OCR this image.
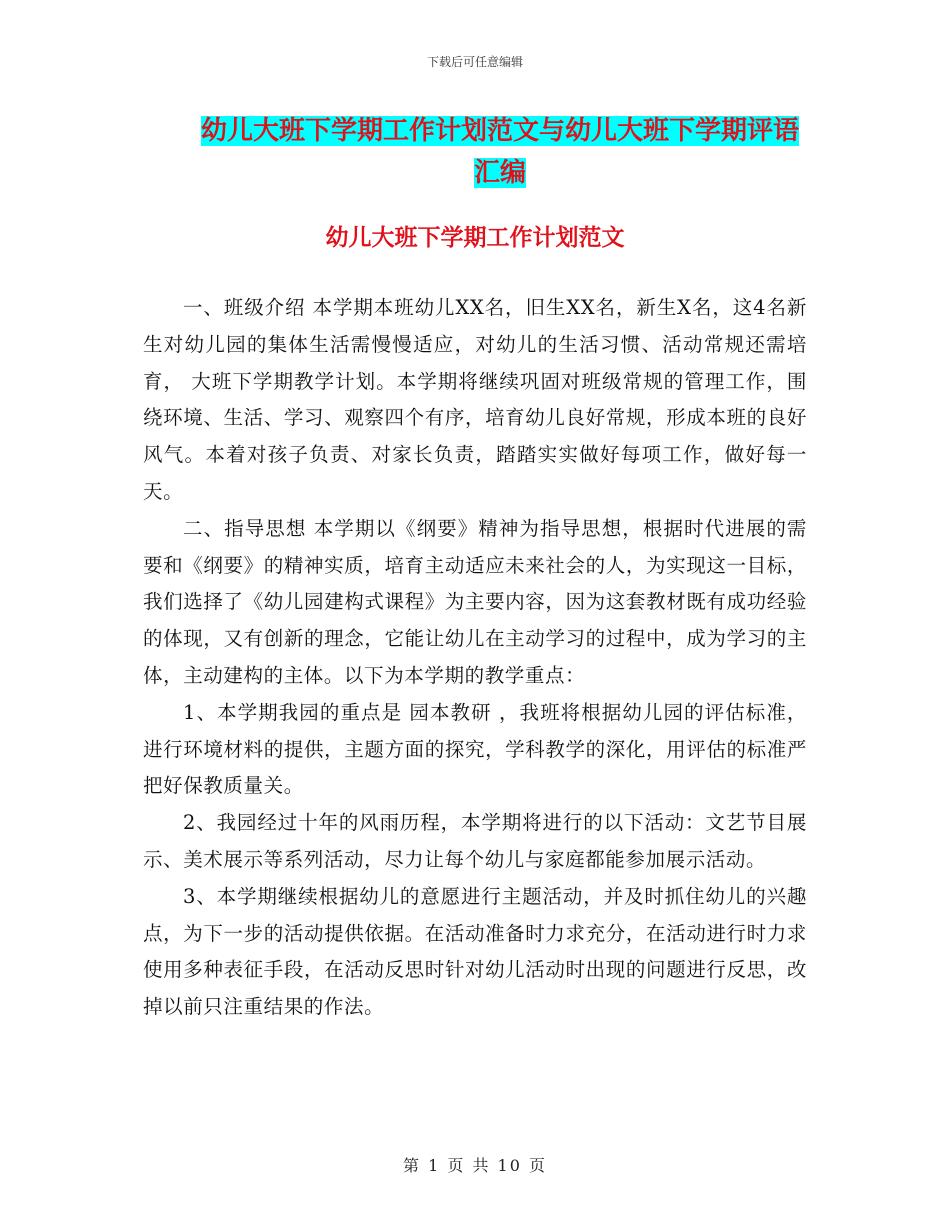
下载后可任意编辑
幼儿大班下学期工作计划范文与幼儿大班下学期评语汇编
幼儿大班下学期工作计划范文

一、班级介绍 本学期本班幼儿XX名，旧生XX名，新生X名，这4名新生对幼儿园的集体生活需慢慢适应，对幼儿的生活习惯、活动常规还需培育， 大班下学期教学计划。本学期将继续巩固对班级常规的管理工作，围绕环境、生活、学习、观察四个有序，培育幼儿良好常规，形成本班的良好风气。本着对孩子负责、对家长负责，踏踏实实做好每项工作，做好每一天。

二、指导思想 本学期以《纲要》精神为指导思想，根据时代进展的需要和《纲要》的精神实质，培育主动适应未来社会的人，为实现这一目标，我们选择了《幼儿园建构式课程》为主要内容，因为这套教材既有成功经验的体现，又有创新的理念，它能让幼儿在主动学习的过程中，成为学习的主体，主动建构的主体。以下为本学期的教学重点：

1、本学期我园的重点是 园本教研 ，我班将根据幼儿园的评估标准，进行环境材料的提供，主题方面的探究，学科教学的深化，用评估的标准严把好保教质量关。

2、我园经过十年的风雨历程，本学期将进行的以下活动：文艺节目展示、美术展示等系列活动，尽力让每个幼儿与家庭都能参加展示活动。

3、本学期继续根据幼儿的意愿进行主题活动，并及时抓住幼儿的兴趣点，为下一步的活动提供依据。在活动准备时力求充分，在活动进行时力求使用多种表征手段，在活动反思时针对幼儿活动时出现的问题进行反思，改掉以前只注重结果的作法。

第 1 页 共 10 页
